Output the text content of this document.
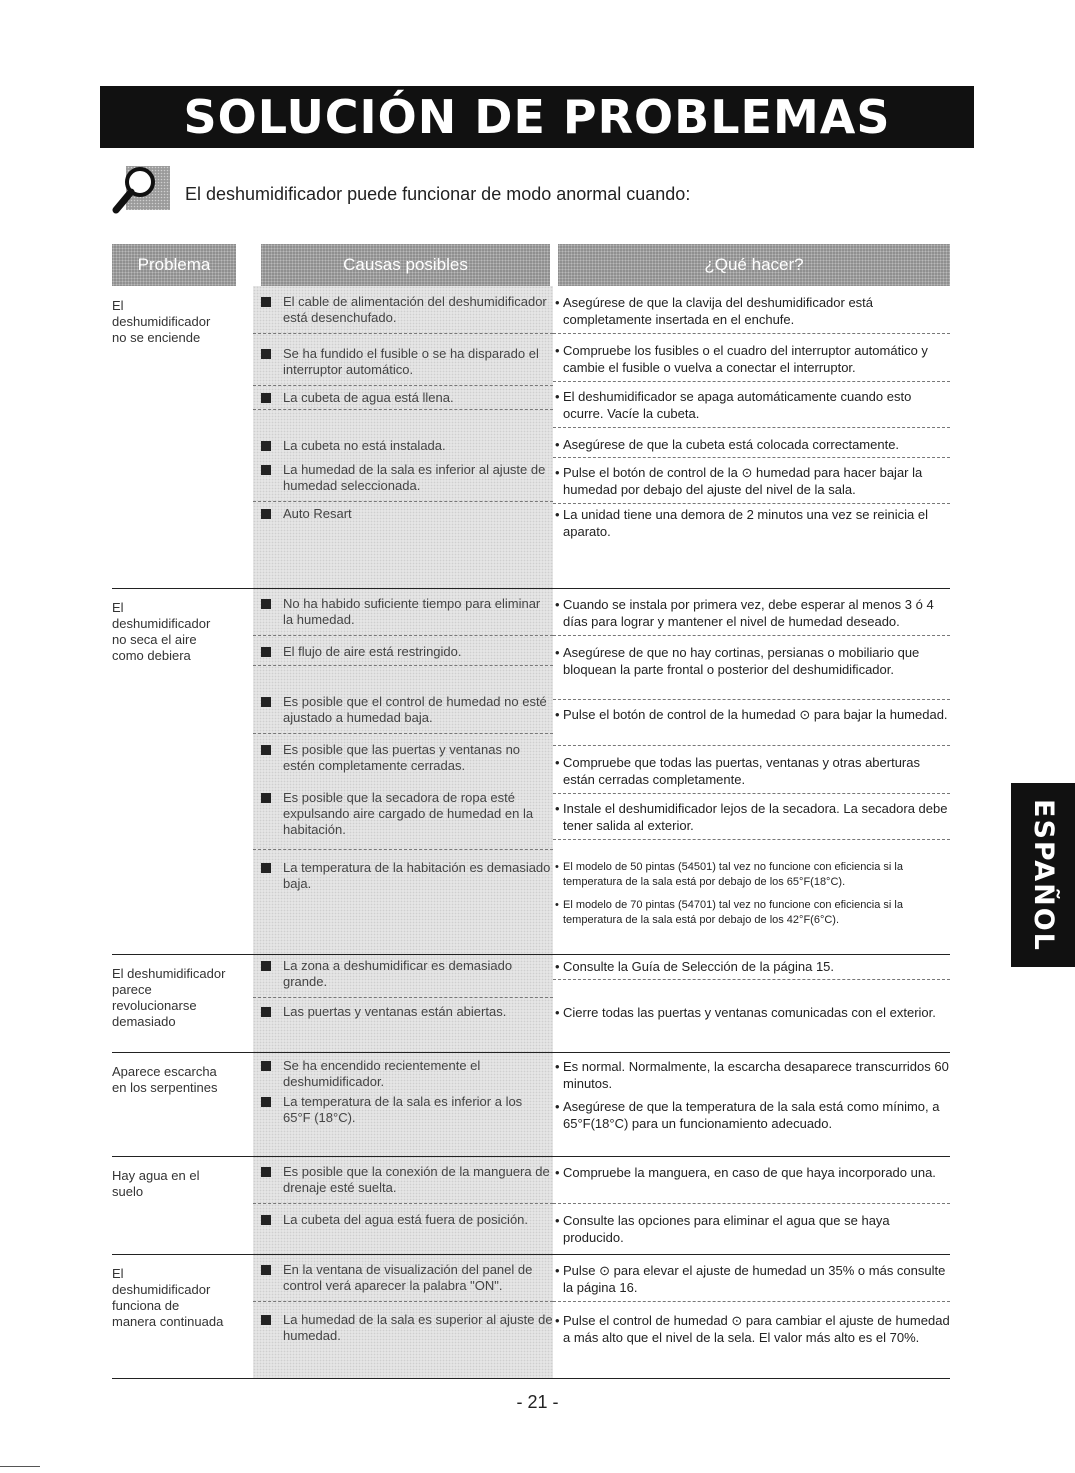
SOLUCIÓN DE PROBLEMAS
El deshumidificador puede funcionar de modo anormal cuando:
Problema	Causas posibles	¿Qué hacer?
El
deshumidificador
no se enciende
El cable de alimentación del deshumidificador está desenchufado.
Se ha fundido el fusible o se ha disparado el interruptor automático.
La cubeta de agua está llena.
La cubeta no está instalada.
La humedad de la sala es inferior al ajuste de humedad seleccionada.
Auto Resart
• Asegúrese de que la clavija del deshumidificador está completamente insertada en el enchufe.
• Compruebe los fusibles o el cuadro del interruptor automático y cambie el fusible o vuelva a conectar el interruptor.
• El deshumidificador se apaga automáticamente cuando esto ocurre. Vacíe la cubeta.
• Asegúrese de que la cubeta está colocada correctamente.
• Pulse el botón de control de la ⊙ humedad para hacer bajar la humedad por debajo del ajuste del nivel de la sala.
• La unidad tiene una demora de 2 minutos una vez se reinicia el aparato.
El
deshumidificador
no seca el aire
como debiera
No ha habido suficiente tiempo para eliminar la humedad.
El flujo de aire está restringido.
Es posible que el control de humedad no esté ajustado a humedad baja.
Es posible que las puertas y ventanas no estén completamente cerradas.
Es posible que la secadora de ropa esté expulsando aire cargado de humedad en la habitación.
La temperatura de la habitación es demasiado baja.
• Cuando se instala por primera vez, debe esperar al menos 3 ó 4 días para lograr y mantener el nivel de humedad deseado.
• Asegúrese de que no hay cortinas, persianas o mobiliario que bloquean la parte frontal o posterior del deshumidificador.
• Pulse el botón de control de la humedad ⊙ para bajar la humedad.
• Compruebe que todas las puertas, ventanas y otras aberturas están cerradas completamente.
• Instale el deshumidificador lejos de la secadora. La secadora debe tener salida al exterior.
• El modelo de 50 pintas (54501) tal vez no funcione con eficiencia si la temperatura de la sala está por debajo de los 65°F(18°C).
• El modelo de 70 pintas (54701) tal vez no funcione con eficiencia si la temperatura de la sala está por debajo de los 42°F(6°C).
El deshumidificador
parece
revolucionarse
demasiado
La zona a deshumidificar es demasiado grande.
Las puertas y ventanas están abiertas.
• Consulte la Guía de Selección de la página 15.
• Cierre todas las puertas y ventanas comunicadas con el exterior.
Aparece escarcha
en los serpentines
Se ha encendido recientemente el deshumidificador.
La temperatura de la sala es inferior a los 65°F (18°C).
• Es normal. Normalmente, la escarcha desaparece transcurridos 60 minutos.
• Asegúrese de que la temperatura de la sala está como mínimo, a 65°F(18°C) para un funcionamiento adecuado.
Hay agua en el
suelo
Es posible que la conexión de la manguera de drenaje esté suelta.
La cubeta del agua está fuera de posición.
• Compruebe la manguera, en caso de que haya incorporado una.
• Consulte las opciones para eliminar el agua que se haya producido.
El
deshumidificador
funciona de
manera continuada
En la ventana de visualización del panel de control verá aparecer la palabra "ON".
La humedad de la sala es superior al ajuste de humedad.
• Pulse ⊙ para elevar el ajuste de humedad un 35% o más consulte la página 16.
• Pulse el control de humedad ⊙ para cambiar el ajuste de humedad a más alto que el nivel de la sela. El valor más alto es el 70%.
- 21 -
ESPAÑOL
